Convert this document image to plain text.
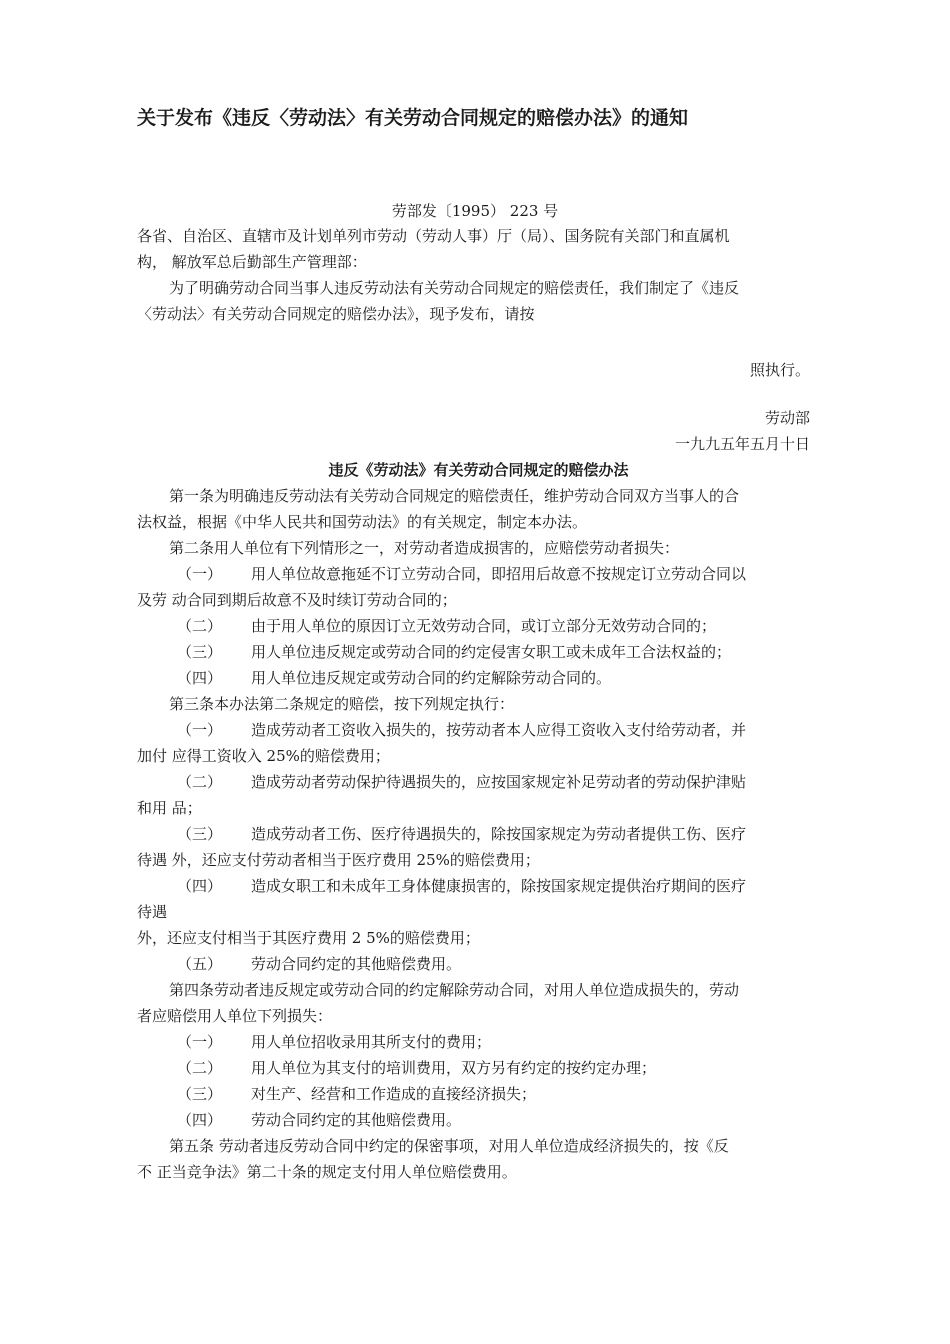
关于发布《违反〈劳动法〉有关劳动合同规定的赔偿办法》的通知
劳部发〔1995） 223 号

各省、自治区、直辖市及计划单列市劳动（劳动人事）厅（局）、国务院有关部门和直属机

构， 解放军总后勤部生产管理部：

为了明确劳动合同当事人违反劳动法有关劳动合同规定的赔偿责任，我们制定了《违反

〈劳动法〉有关劳动合同规定的赔偿办法》，现予发布，请按

照执行。

劳动部

一九九五年五月十日

违反《劳动法》有关劳动合同规定的赔偿办法

第一条为明确违反劳动法有关劳动合同规定的赔偿责任，维护劳动合同双方当事人的合

法权益，根据《中华人民共和国劳动法》的有关规定，制定本办法。

第二条用人单位有下列情形之一，对劳动者造成损害的，应赔偿劳动者损失：

（一） 用人单位故意拖延不订立劳动合同，即招用后故意不按规定订立劳动合同以

及劳 动合同到期后故意不及时续订劳动合同的；

（二） 由于用人单位的原因订立无效劳动合同，或订立部分无效劳动合同的；

（三） 用人单位违反规定或劳动合同的约定侵害女职工或未成年工合法权益的；

（四） 用人单位违反规定或劳动合同的约定解除劳动合同的。

第三条本办法第二条规定的赔偿，按下列规定执行：

（一） 造成劳动者工资收入损失的，按劳动者本人应得工资收入支付给劳动者，并

加付 应得工资收入 25%的赔偿费用；

（二） 造成劳动者劳动保护待遇损失的，应按国家规定补足劳动者的劳动保护津贴

和用 品；

（三） 造成劳动者工伤、医疗待遇损失的，除按国家规定为劳动者提供工伤、医疗

待遇 外，还应支付劳动者相当于医疗费用 25%的赔偿费用；

（四） 造成女职工和未成年工身体健康损害的，除按国家规定提供治疗期间的医疗

待遇

外，还应支付相当于其医疗费用 2 5%的赔偿费用；

（五） 劳动合同约定的其他赔偿费用。

第四条劳动者违反规定或劳动合同的约定解除劳动合同，对用人单位造成损失的，劳动

者应赔偿用人单位下列损失：

（一） 用人单位招收录用其所支付的费用；

（二） 用人单位为其支付的培训费用，双方另有约定的按约定办理；

（三） 对生产、经营和工作造成的直接经济损失；

（四） 劳动合同约定的其他赔偿费用。

第五条 劳动者违反劳动合同中约定的保密事项，对用人单位造成经济损失的，按《反

不 正当竞争法》第二十条的规定支付用人单位赔偿费用。
